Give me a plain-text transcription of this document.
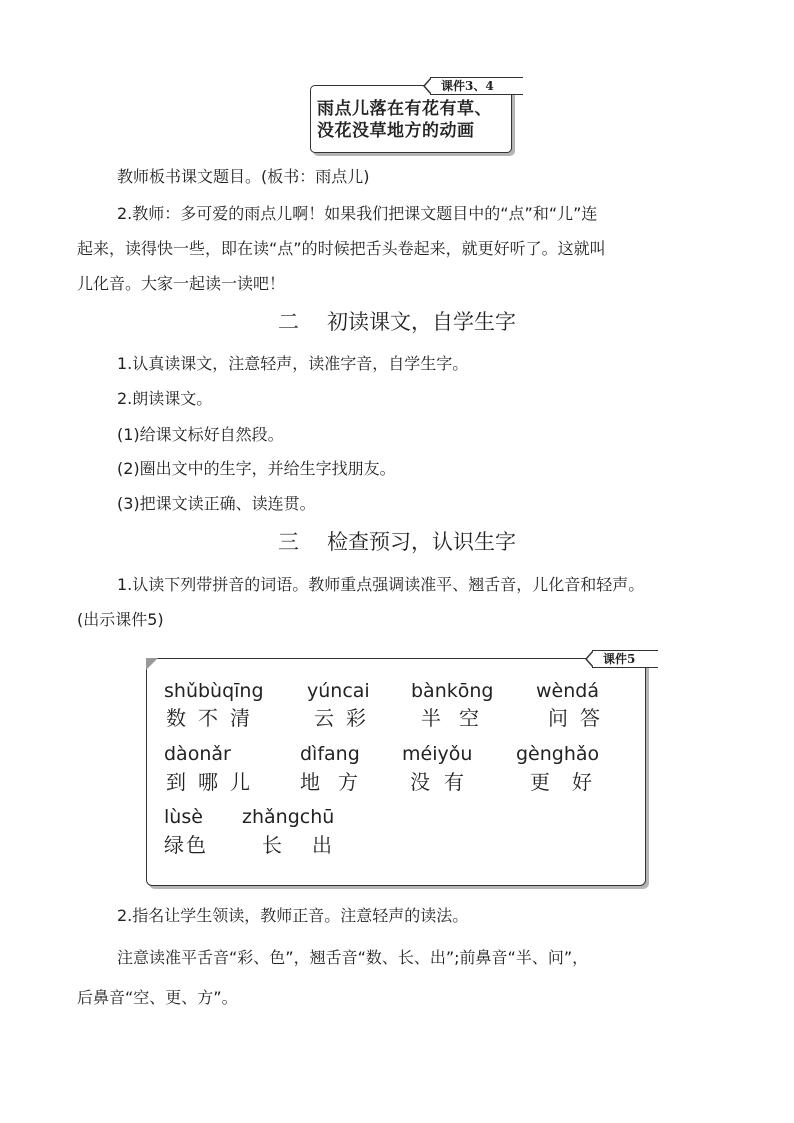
雨点儿落在有花有草、
没花没草地方的动画
课件3、4
教师板书课文题目。(板书：雨点儿)
2.教师：多可爱的雨点儿啊！如果我们把课文题目中的“点”和“儿”连
起来，读得快一些，即在读“点”的时候把舌头卷起来，就更好听了。这就叫
儿化音。大家一起读一读吧！
二 初读课文，自学生字
1.认真读课文，注意轻声，读准字音，自学生字。
2.朗读课文。
(1)给课文标好自然段。
(2)圈出文中的生字，并给生字找朋友。
(3)把课文读正确、读连贯。
三 检查预习，认识生字
1.认读下列带拼音的词语。教师重点强调读准平、翘舌音，儿化音和轻声。
(出示课件5)
课件5
shǔbùqīng
数不清
yúncai
云彩
bànkōng
半空
wèndá
问答
dàonǎr
到哪儿
dìfang
地方
méiyǒu
没有
gènghǎo
更好
lùsè
绿色
zhǎngchū
长出
2.指名让学生领读，教师正音。注意轻声的读法。
注意读准平舌音“彩、色”，翘舌音“数、长、出”;前鼻音“半、问”，
后鼻音“空、更、方”。
